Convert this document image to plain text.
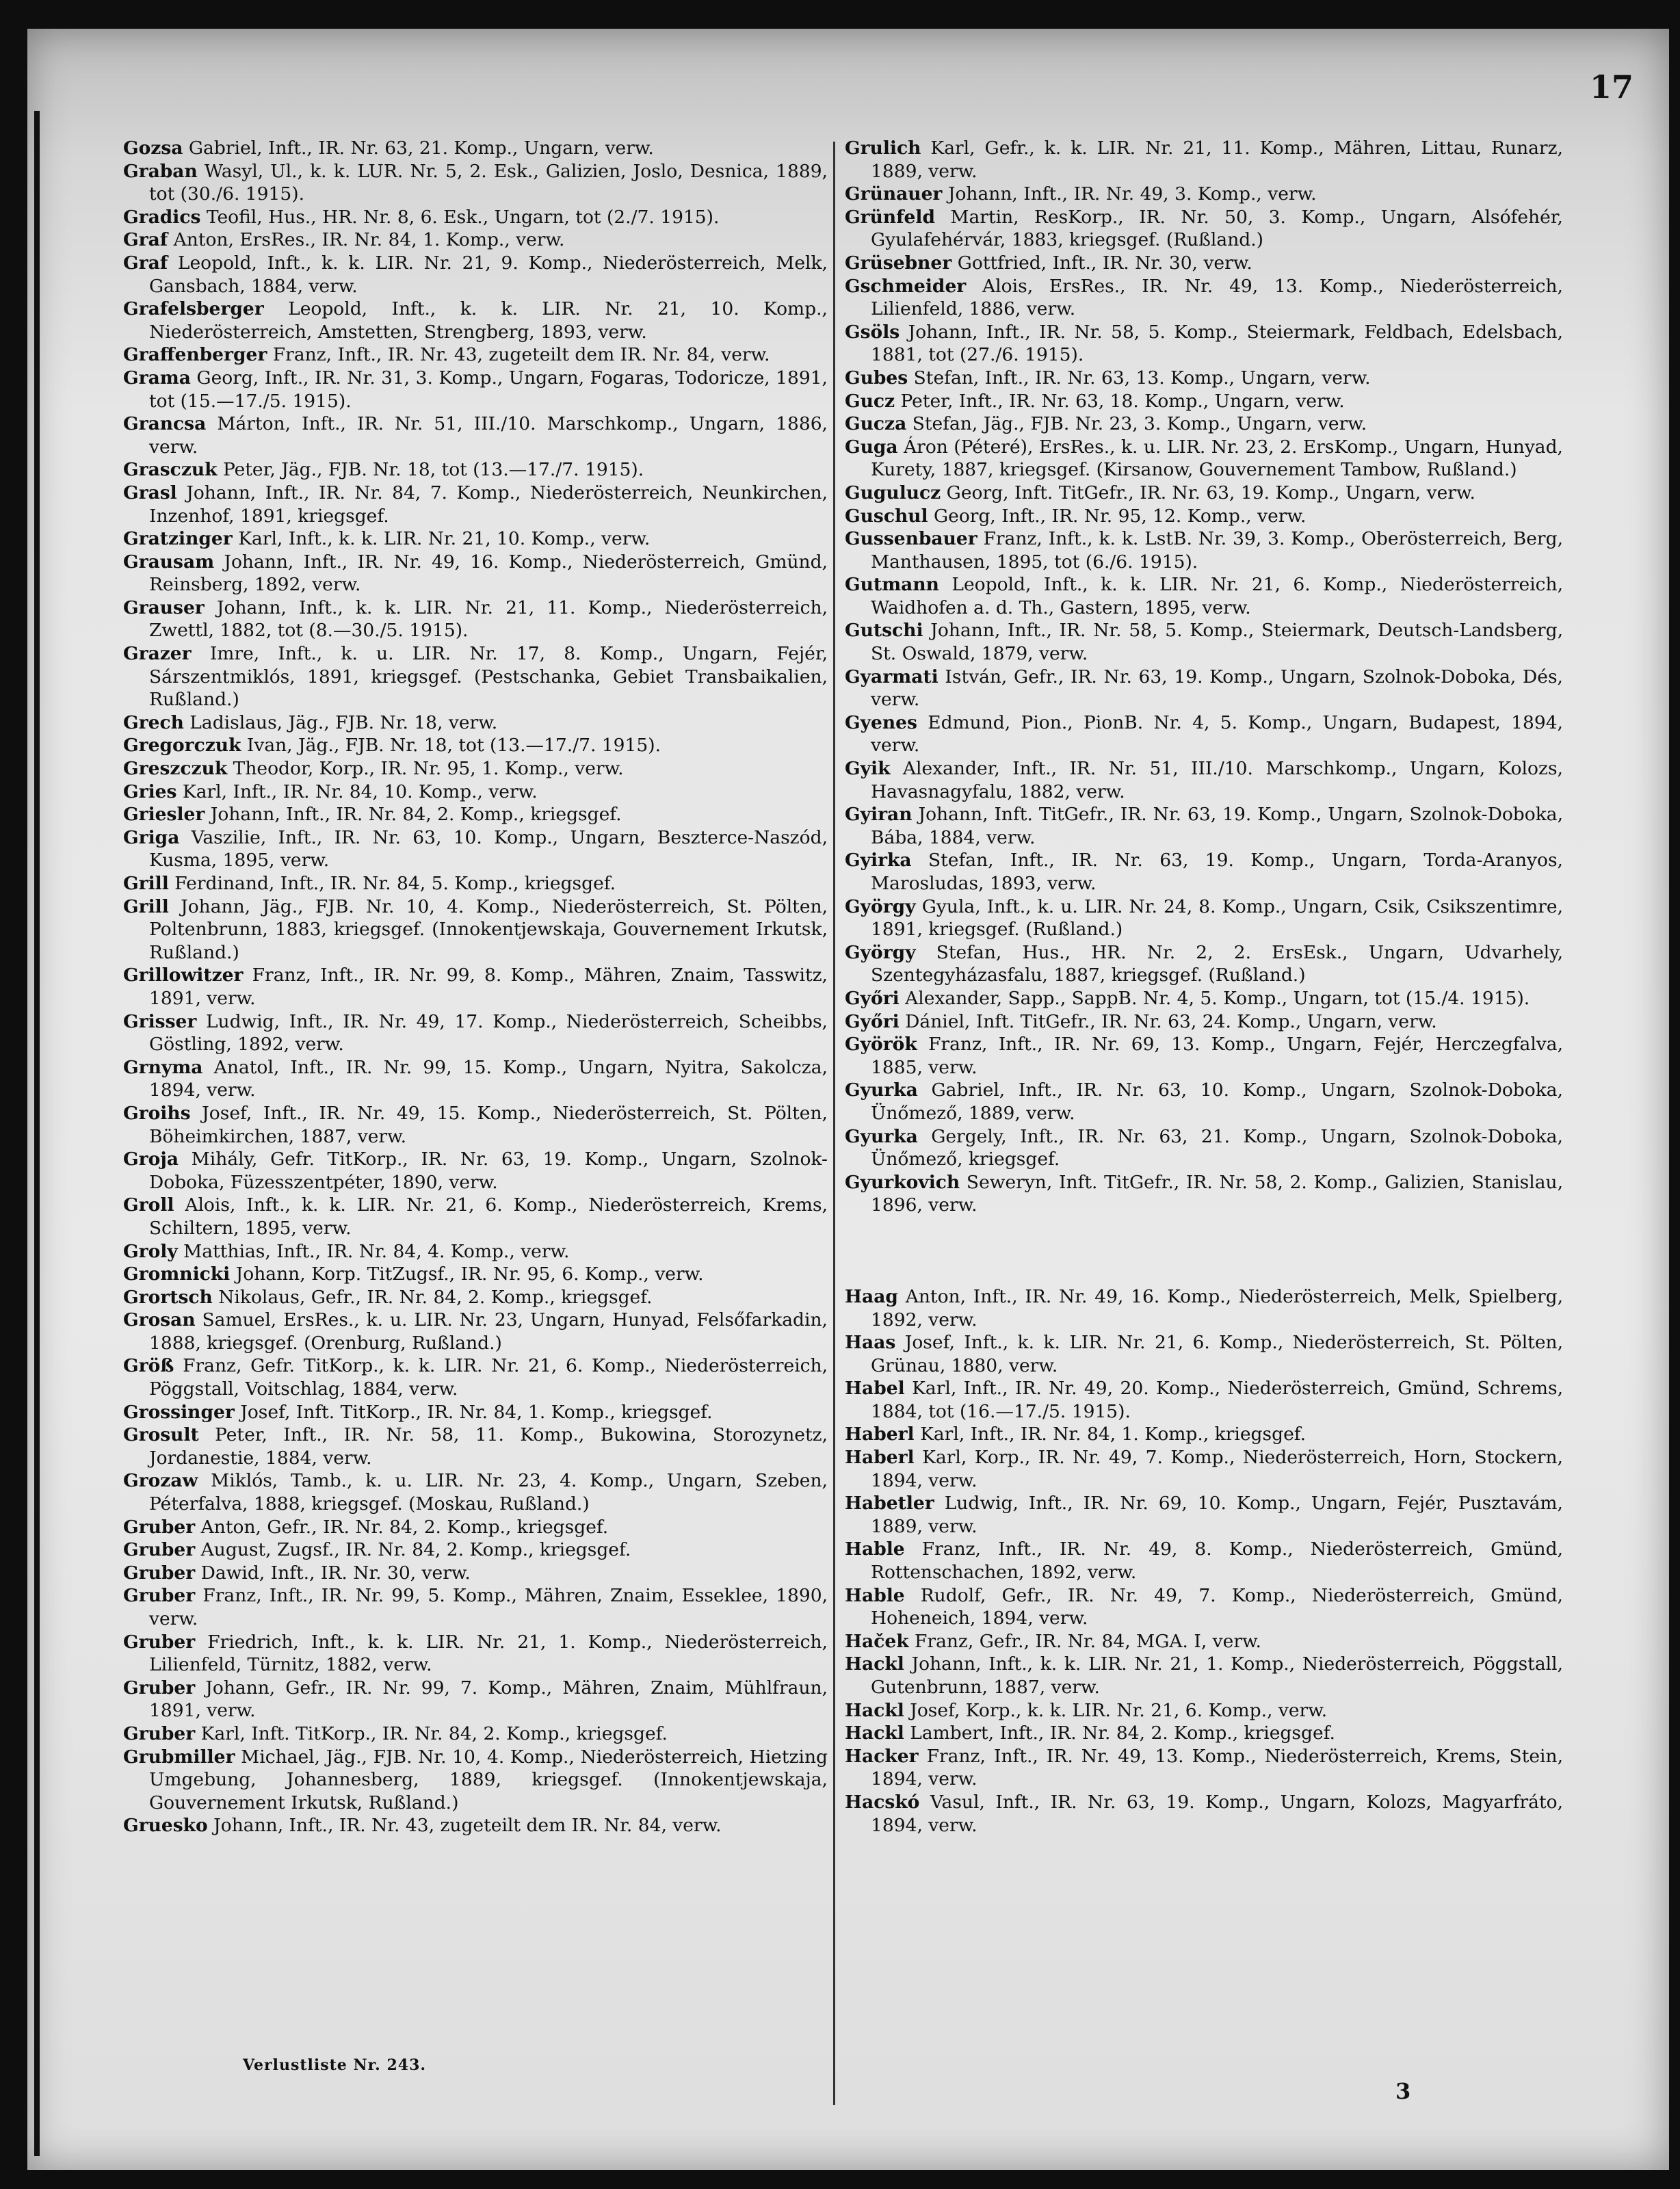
17

Gozsa Gabriel, Inft., IR. Nr. 63, 21. Komp., Ungarn, verw.

Graban Wasyl, Ul., k. k. LUR. Nr. 5, 2. Esk., Galizien, Joslo, Desnica, 1889, tot (30./6. 1915).

Gradics Teofil, Hus., HR. Nr. 8, 6. Esk., Ungarn, tot (2./7. 1915).

Graf Anton, ErsRes., IR. Nr. 84, 1. Komp., verw.

Graf Leopold, Inft., k. k. LIR. Nr. 21, 9. Komp., Niederösterreich, Melk, Gansbach, 1884, verw.

Grafelsberger Leopold, Inft., k. k. LIR. Nr. 21, 10. Komp., Niederösterreich, Amstetten, Strengberg, 1893, verw.

Graffenberger Franz, Inft., IR. Nr. 43, zugeteilt dem IR. Nr. 84, verw.

Grama Georg, Inft., IR. Nr. 31, 3. Komp., Ungarn, Fogaras, Todoricze, 1891, tot (15.—17./5. 1915).

Grancsa Márton, Inft., IR. Nr. 51, III./10. Marschkomp., Ungarn, 1886, verw.

Grasczuk Peter, Jäg., FJB. Nr. 18, tot (13.—17./7. 1915).

Grasl Johann, Inft., IR. Nr. 84, 7. Komp., Niederösterreich, Neunkirchen, Inzenhof, 1891, kriegsgef.

Gratzinger Karl, Inft., k. k. LIR. Nr. 21, 10. Komp., verw.

Grausam Johann, Inft., IR. Nr. 49, 16. Komp., Niederösterreich, Gmünd, Reinsberg, 1892, verw.

Grauser Johann, Inft., k. k. LIR. Nr. 21, 11. Komp., Niederösterreich, Zwettl, 1882, tot (8.—30./5. 1915).

Grazer Imre, Inft., k. u. LIR. Nr. 17, 8. Komp., Ungarn, Fejér, Sárszentmiklós, 1891, kriegsgef. (Pestschanka, Gebiet Transbaikalien, Rußland.)

Grech Ladislaus, Jäg., FJB. Nr. 18, verw.

Gregorczuk Ivan, Jäg., FJB. Nr. 18, tot (13.—17./7. 1915).

Greszczuk Theodor, Korp., IR. Nr. 95, 1. Komp., verw.

Gries Karl, Inft., IR. Nr. 84, 10. Komp., verw.

Griesler Johann, Inft., IR. Nr. 84, 2. Komp., kriegsgef.

Griga Vaszilie, Inft., IR. Nr. 63, 10. Komp., Ungarn, Beszterce-Naszód, Kusma, 1895, verw.

Grill Ferdinand, Inft., IR. Nr. 84, 5. Komp., kriegsgef.

Grill Johann, Jäg., FJB. Nr. 10, 4. Komp., Niederösterreich, St. Pölten, Poltenbrunn, 1883, kriegsgef. (Innokentjewskaja, Gouvernement Irkutsk, Rußland.)

Grillowitzer Franz, Inft., IR. Nr. 99, 8. Komp., Mähren, Znaim, Tasswitz, 1891, verw.

Grisser Ludwig, Inft., IR. Nr. 49, 17. Komp., Niederösterreich, Scheibbs, Göstling, 1892, verw.

Grnyma Anatol, Inft., IR. Nr. 99, 15. Komp., Ungarn, Nyitra, Sakolcza, 1894, verw.

Groihs Josef, Inft., IR. Nr. 49, 15. Komp., Niederösterreich, St. Pölten, Böheimkirchen, 1887, verw.

Groja Mihály, Gefr. TitKorp., IR. Nr. 63, 19. Komp., Ungarn, Szolnok-Doboka, Füzesszentpéter, 1890, verw.

Groll Alois, Inft., k. k. LIR. Nr. 21, 6. Komp., Niederösterreich, Krems, Schiltern, 1895, verw.

Groly Matthias, Inft., IR. Nr. 84, 4. Komp., verw.

Gromnicki Johann, Korp. TitZugsf., IR. Nr. 95, 6. Komp., verw.

Grortsch Nikolaus, Gefr., IR. Nr. 84, 2. Komp., kriegsgef.

Grosan Samuel, ErsRes., k. u. LIR. Nr. 23, Ungarn, Hunyad, Felsőfarkadin, 1888, kriegsgef. (Orenburg, Rußland.)

Größ Franz, Gefr. TitKorp., k. k. LIR. Nr. 21, 6. Komp., Niederösterreich, Pöggstall, Voitschlag, 1884, verw.

Grossinger Josef, Inft. TitKorp., IR. Nr. 84, 1. Komp., kriegsgef.

Grosult Peter, Inft., IR. Nr. 58, 11. Komp., Bukowina, Storozynetz, Jordanestie, 1884, verw.

Grozaw Miklós, Tamb., k. u. LIR. Nr. 23, 4. Komp., Ungarn, Szeben, Péterfalva, 1888, kriegsgef. (Moskau, Rußland.)

Gruber Anton, Gefr., IR. Nr. 84, 2. Komp., kriegsgef.

Gruber August, Zugsf., IR. Nr. 84, 2. Komp., kriegsgef.

Gruber Dawid, Inft., IR. Nr. 30, verw.

Gruber Franz, Inft., IR. Nr. 99, 5. Komp., Mähren, Znaim, Esseklee, 1890, verw.

Gruber Friedrich, Inft., k. k. LIR. Nr. 21, 1. Komp., Niederösterreich, Lilienfeld, Türnitz, 1882, verw.

Gruber Johann, Gefr., IR. Nr. 99, 7. Komp., Mähren, Znaim, Mühlfraun, 1891, verw.

Gruber Karl, Inft. TitKorp., IR. Nr. 84, 2. Komp., kriegsgef.

Grubmiller Michael, Jäg., FJB. Nr. 10, 4. Komp., Niederösterreich, Hietzing Umgebung, Johannesberg, 1889, kriegsgef. (Innokentjewskaja, Gouvernement Irkutsk, Rußland.)

Gruesko Johann, Inft., IR. Nr. 43, zugeteilt dem IR. Nr. 84, verw.

Grulich Karl, Gefr., k. k. LIR. Nr. 21, 11. Komp., Mähren, Littau, Runarz, 1889, verw.

Grünauer Johann, Inft., IR. Nr. 49, 3. Komp., verw.

Grünfeld Martin, ResKorp., IR. Nr. 50, 3. Komp., Ungarn, Alsófehér, Gyulafehérvár, 1883, kriegsgef. (Rußland.)

Grüsebner Gottfried, Inft., IR. Nr. 30, verw.

Gschmeider Alois, ErsRes., IR. Nr. 49, 13. Komp., Niederösterreich, Lilienfeld, 1886, verw.

Gsöls Johann, Inft., IR. Nr. 58, 5. Komp., Steiermark, Feldbach, Edelsbach, 1881, tot (27./6. 1915).

Gubes Stefan, Inft., IR. Nr. 63, 13. Komp., Ungarn, verw.

Gucz Peter, Inft., IR. Nr. 63, 18. Komp., Ungarn, verw.

Gucza Stefan, Jäg., FJB. Nr. 23, 3. Komp., Ungarn, verw.

Guga Áron (Péteré), ErsRes., k. u. LIR. Nr. 23, 2. ErsKomp., Ungarn, Hunyad, Kurety, 1887, kriegsgef. (Kirsanow, Gouvernement Tambow, Rußland.)

Gugulucz Georg, Inft. TitGefr., IR. Nr. 63, 19. Komp., Ungarn, verw.

Guschul Georg, Inft., IR. Nr. 95, 12. Komp., verw.

Gussenbauer Franz, Inft., k. k. LstB. Nr. 39, 3. Komp., Oberösterreich, Berg, Manthausen, 1895, tot (6./6. 1915).

Gutmann Leopold, Inft., k. k. LIR. Nr. 21, 6. Komp., Niederösterreich, Waidhofen a. d. Th., Gastern, 1895, verw.

Gutschi Johann, Inft., IR. Nr. 58, 5. Komp., Steiermark, Deutsch-Landsberg, St. Oswald, 1879, verw.

Gyarmati István, Gefr., IR. Nr. 63, 19. Komp., Ungarn, Szolnok-Doboka, Dés, verw.

Gyenes Edmund, Pion., PionB. Nr. 4, 5. Komp., Ungarn, Budapest, 1894, verw.

Gyik Alexander, Inft., IR. Nr. 51, III./10. Marschkomp., Ungarn, Kolozs, Havasnagyfalu, 1882, verw.

Gyiran Johann, Inft. TitGefr., IR. Nr. 63, 19. Komp., Ungarn, Szolnok-Doboka, Bába, 1884, verw.

Gyirka Stefan, Inft., IR. Nr. 63, 19. Komp., Ungarn, Torda-Aranyos, Marosludas, 1893, verw.

György Gyula, Inft., k. u. LIR. Nr. 24, 8. Komp., Ungarn, Csik, Csikszentimre, 1891, kriegsgef. (Rußland.)

György Stefan, Hus., HR. Nr. 2, 2. ErsEsk., Ungarn, Udvarhely, Szentegyházasfalu, 1887, kriegsgef. (Rußland.)

Győri Alexander, Sapp., SappB. Nr. 4, 5. Komp., Ungarn, tot (15./4. 1915).

Győri Dániel, Inft. TitGefr., IR. Nr. 63, 24. Komp., Ungarn, verw.

Györök Franz, Inft., IR. Nr. 69, 13. Komp., Ungarn, Fejér, Herczegfalva, 1885, verw.

Gyurka Gabriel, Inft., IR. Nr. 63, 10. Komp., Ungarn, Szolnok-Doboka, Ünőmező, 1889, verw.

Gyurka Gergely, Inft., IR. Nr. 63, 21. Komp., Ungarn, Szolnok-Doboka, Ünőmező, kriegsgef.

Gyurkovich Seweryn, Inft. TitGefr., IR. Nr. 58, 2. Komp., Galizien, Stanislau, 1896, verw.

Haag Anton, Inft., IR. Nr. 49, 16. Komp., Niederösterreich, Melk, Spielberg, 1892, verw.

Haas Josef, Inft., k. k. LIR. Nr. 21, 6. Komp., Niederösterreich, St. Pölten, Grünau, 1880, verw.

Habel Karl, Inft., IR. Nr. 49, 20. Komp., Niederösterreich, Gmünd, Schrems, 1884, tot (16.—17./5. 1915).

Haberl Karl, Inft., IR. Nr. 84, 1. Komp., kriegsgef.

Haberl Karl, Korp., IR. Nr. 49, 7. Komp., Niederösterreich, Horn, Stockern, 1894, verw.

Habetler Ludwig, Inft., IR. Nr. 69, 10. Komp., Ungarn, Fejér, Pusztavám, 1889, verw.

Hable Franz, Inft., IR. Nr. 49, 8. Komp., Niederösterreich, Gmünd, Rottenschachen, 1892, verw.

Hable Rudolf, Gefr., IR. Nr. 49, 7. Komp., Niederösterreich, Gmünd, Hoheneich, 1894, verw.

Haček Franz, Gefr., IR. Nr. 84, MGA. I, verw.

Hackl Johann, Inft., k. k. LIR. Nr. 21, 1. Komp., Niederösterreich, Pöggstall, Gutenbrunn, 1887, verw.

Hackl Josef, Korp., k. k. LIR. Nr. 21, 6. Komp., verw.

Hackl Lambert, Inft., IR. Nr. 84, 2. Komp., kriegsgef.

Hacker Franz, Inft., IR. Nr. 49, 13. Komp., Niederösterreich, Krems, Stein, 1894, verw.

Hacskó Vasul, Inft., IR. Nr. 63, 19. Komp., Ungarn, Kolozs, Magyarfráto, 1894, verw.

Verlustliste Nr. 243.
3
